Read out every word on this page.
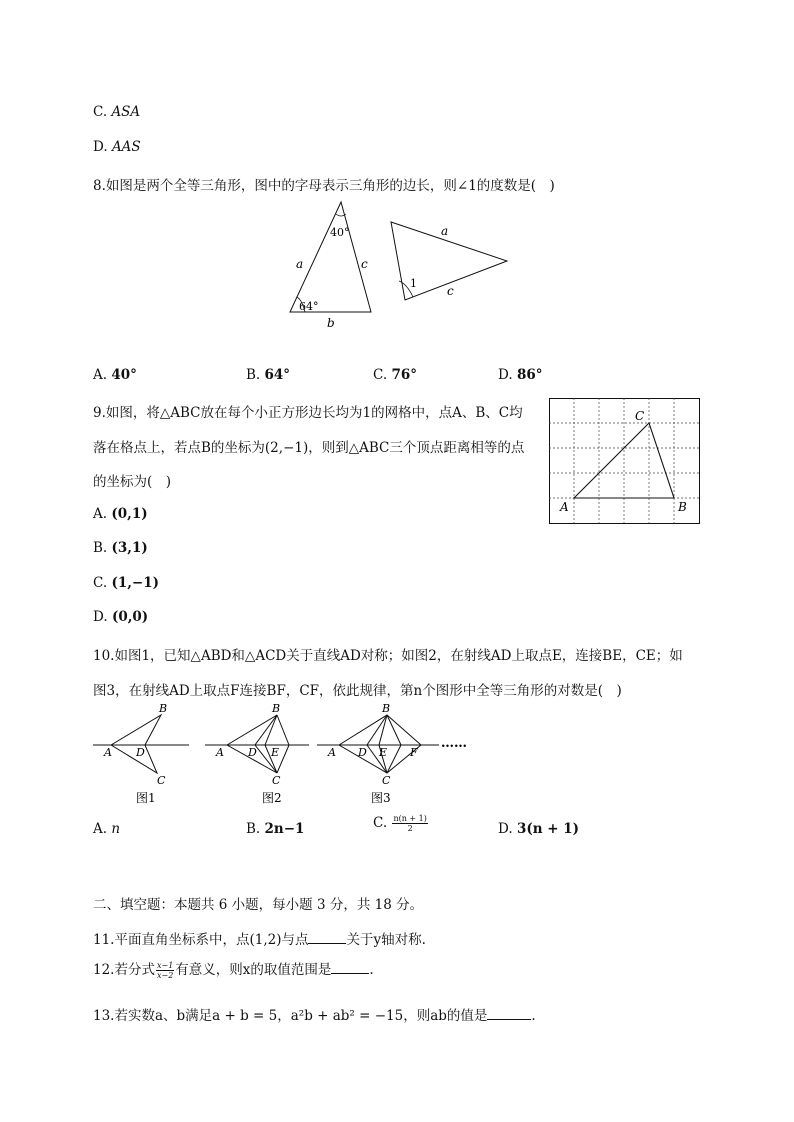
C. ASA
D. AAS
8.如图是两个全等三角形，图中的字母表示三角形的边长，则∠1的度数是(　)
40°
64°
a	c
b
a
c
1
A. 40°	B. 64°	C. 76°	D. 86°
9.如图，将△ABC放在每个小正方形边长均为1的网格中，点A、B、C均
落在格点上，若点B的坐标为(2,−1)，则到△ABC三个顶点距离相等的点
的坐标为(　)
A	B
C
A. (0,1)
B. (3,1)
C. (1,−1)
D. (0,0)
10.如图1，已知△ABD和△ACD关于直线AD对称；如图2，在射线AD上取点E，连接BE，CE；如
图3，在射线AD上取点F连接BF，CF，依此规律，第n个图形中全等三角形的对数是(　)
A
B
C
D
图1
A
B
C
D E
图2
A
B
C
D E F
图3
……
A. n	B. 2n−1	C. $\frac{n(n + 1)}{2}$	D. 3(n + 1)
二、填空题：本题共 6 小题，每小题 3 分，共 18 分。
11.平面直角坐标系中，点(1,2)与点	关于y轴对称.
12.若分式 $\frac{x-1}{x-2}$ 有意义，则x的取值范围是	.
13.若实数a、b满足a + b = 5，a²b + ab² = −15，则ab的值是	.
